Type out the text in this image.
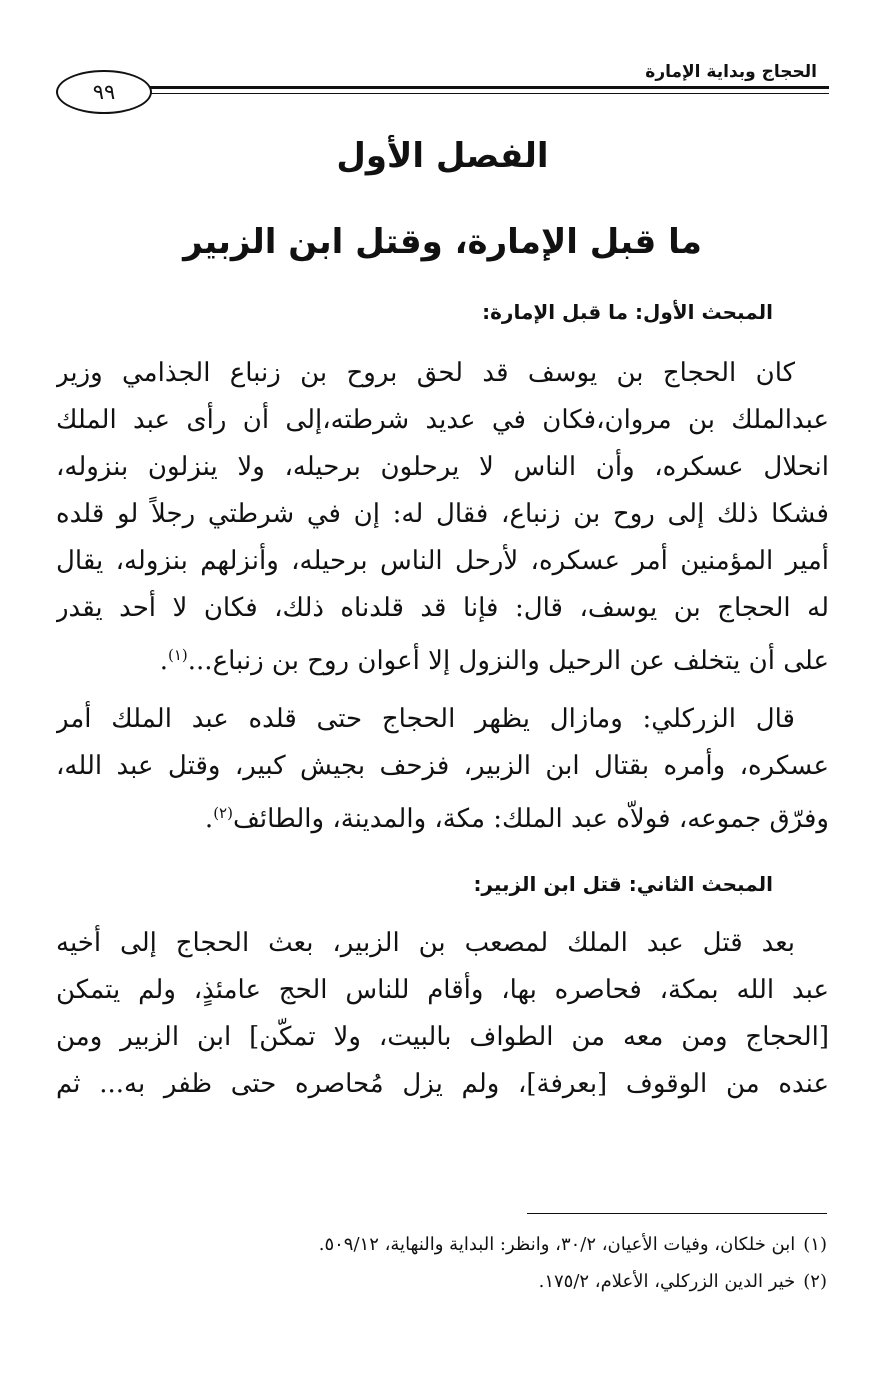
الحجاج وبداية الإمارة
٩٩
الفصل الأول
ما قبل الإمارة، وقتل ابن الزبير
المبحث الأول: ما قبل الإمارة:
كان الحجاج بن يوسف قد لحق بروح بن زنباع الجذامي وزير
عبدالملك بن مروان،فكان في عديد شرطته،إلى أن رأى عبد الملك
انحلال عسكره، وأن الناس لا يرحلون برحيله، ولا ينزلون بنزوله،
فشكا ذلك إلى روح بن زنباع، فقال له: إن في شرطتي رجلاً لو قلده
أمير المؤمنين أمر عسكره، لأرحل الناس برحيله، وأنزلهم بنزوله، يقال
له الحجاج بن يوسف، قال: فإنا قد قلدناه ذلك، فكان لا أحد يقدر
على أن يتخلف عن الرحيل والنزول إلا أعوان روح بن زنباع...$^{(١)}$.
قال الزركلي: ومازال يظهر الحجاج حتى قلده عبد الملك أمر
عسكره، وأمره بقتال ابن الزبير، فزحف بجيش كبير، وقتل عبد الله،
وفرّق جموعه، فولاّه عبد الملك: مكة، والمدينة، والطائف$^{(٢)}$.
المبحث الثاني: قتل ابن الزبير:
بعد قتل عبد الملك لمصعب بن الزبير، بعث الحجاج إلى أخيه
عبد الله بمكة، فحاصره بها، وأقام للناس الحج عامئذٍ، ولم يتمكن
[الحجاج ومن معه من الطواف بالبيت، ولا تمكّن] ابن الزبير ومن
عنده من الوقوف [بعرفة]، ولم يزل مُحاصره حتى ظفر به... ثم
(١)ابن خلكان، وفيات الأعيان، ٣٠/٢، وانظر: البداية والنهاية، ٥٠٩/١٢.
(٢)خير الدين الزركلي، الأعلام، ١٧٥/٢.
